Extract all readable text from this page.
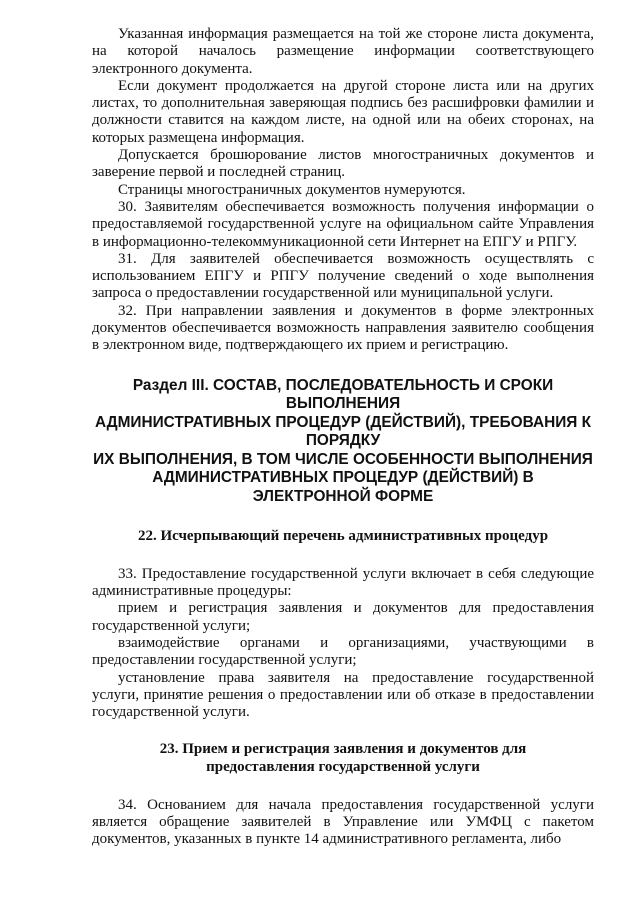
Указанная информация размещается на той же стороне листа документа, на которой началось размещение информации соответствующего электронного документа.

Если документ продолжается на другой стороне листа или на других листах, то дополнительная заверяющая подпись без расшифровки фамилии и должности ставится на каждом листе, на одной или на обеих сторонах, на которых размещена информация.

Допускается брошюрование листов многостраничных документов и заверение первой и последней страниц.

Страницы многостраничных документов нумеруются.

30. Заявителям обеспечивается возможность получения информации о предоставляемой государственной услуге на официальном сайте Управления в информационно-телекоммуникационной сети Интернет на ЕПГУ и РПГУ.

31. Для заявителей обеспечивается возможность осуществлять с использованием ЕПГУ и РПГУ получение сведений о ходе выполнения запроса о предоставлении государственной или муниципальной услуги.

32. При направлении заявления и документов в форме электронных документов обеспечивается возможность направления заявителю сообщения в электронном виде, подтверждающего их прием и регистрацию.

Раздел III. СОСТАВ, ПОСЛЕДОВАТЕЛЬНОСТЬ И СРОКИ
ВЫПОЛНЕНИЯ
АДМИНИСТРАТИВНЫХ ПРОЦЕДУР (ДЕЙСТВИЙ), ТРЕБОВАНИЯ К
ПОРЯДКУ
ИХ ВЫПОЛНЕНИЯ, В ТОМ ЧИСЛЕ ОСОБЕННОСТИ ВЫПОЛНЕНИЯ
АДМИНИСТРАТИВНЫХ ПРОЦЕДУР (ДЕЙСТВИЙ) В
ЭЛЕКТРОННОЙ ФОРМЕ
22. Исчерпывающий перечень административных процедур

33. Предоставление государственной услуги включает в себя следующие административные процедуры:

прием и регистрация заявления и документов для предоставления государственной услуги;

взаимодействие органами и организациями, участвующими в предоставлении государственной услуги;

установление права заявителя на предоставление государственной услуги, принятие решения о предоставлении или об отказе в предоставлении государственной услуги.

23. Прием и регистрация заявления и документов для
предоставления государственной услуги

34. Основанием для начала предоставления государственной услуги является обращение заявителей в Управление или УМФЦ с пакетом документов, указанных в пункте 14 административного регламента, либо
